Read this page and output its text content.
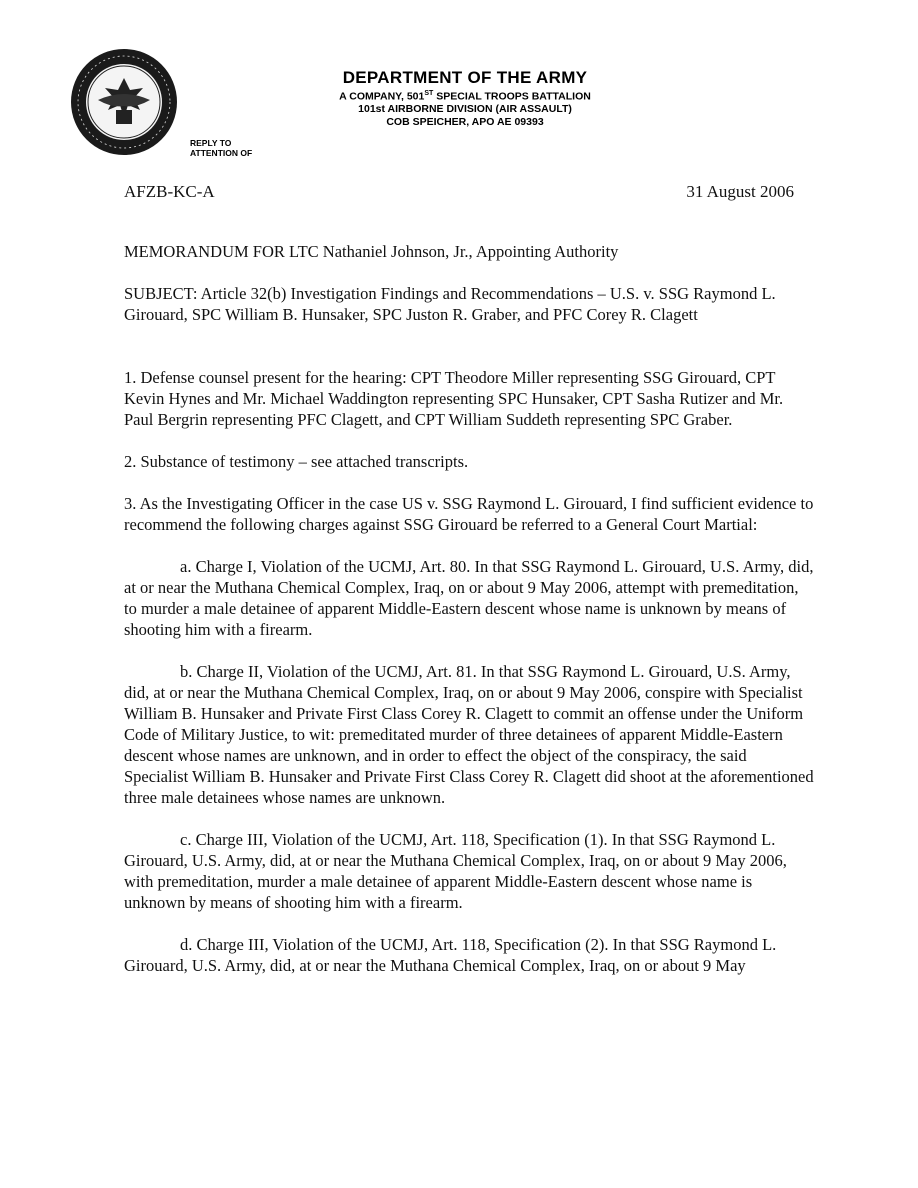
DEPARTMENT OF THE ARMY
A COMPANY, 501ST SPECIAL TROOPS BATTALION
101st AIRBORNE DIVISION (AIR ASSAULT)
COB SPEICHER, APO AE 09393
REPLY TO
ATTENTION OF
AFZB-KC-A	31 August 2006

MEMORANDUM FOR LTC Nathaniel Johnson, Jr., Appointing Authority

SUBJECT: Article 32(b) Investigation Findings and Recommendations – U.S. v. SSG Raymond L. Girouard, SPC William B. Hunsaker, SPC Juston R. Graber, and PFC Corey R. Clagett

1. Defense counsel present for the hearing: CPT Theodore Miller representing SSG Girouard, CPT Kevin Hynes and Mr. Michael Waddington representing SPC Hunsaker, CPT Sasha Rutizer and Mr. Paul Bergrin representing PFC Clagett, and CPT William Suddeth representing SPC Graber.

2. Substance of testimony – see attached transcripts.

3. As the Investigating Officer in the case US v. SSG Raymond L. Girouard, I find sufficient evidence to recommend the following charges against SSG Girouard be referred to a General Court Martial:

a. Charge I, Violation of the UCMJ, Art. 80. In that SSG Raymond L. Girouard, U.S. Army, did, at or near the Muthana Chemical Complex, Iraq, on or about 9 May 2006, attempt with premeditation, to murder a male detainee of apparent Middle-Eastern descent whose name is unknown by means of shooting him with a firearm.

b. Charge II, Violation of the UCMJ, Art. 81. In that SSG Raymond L. Girouard, U.S. Army, did, at or near the Muthana Chemical Complex, Iraq, on or about 9 May 2006, conspire with Specialist William B. Hunsaker and Private First Class Corey R. Clagett to commit an offense under the Uniform Code of Military Justice, to wit: premeditated murder of three detainees of apparent Middle-Eastern descent whose names are unknown, and in order to effect the object of the conspiracy, the said Specialist William B. Hunsaker and Private First Class Corey R. Clagett did shoot at the aforementioned three male detainees whose names are unknown.

c. Charge III, Violation of the UCMJ, Art. 118, Specification (1). In that SSG Raymond L. Girouard, U.S. Army, did, at or near the Muthana Chemical Complex, Iraq, on or about 9 May 2006, with premeditation, murder a male detainee of apparent Middle-Eastern descent whose name is unknown by means of shooting him with a firearm.

d. Charge III, Violation of the UCMJ, Art. 118, Specification (2). In that SSG Raymond L. Girouard, U.S. Army, did, at or near the Muthana Chemical Complex, Iraq, on or about 9 May
